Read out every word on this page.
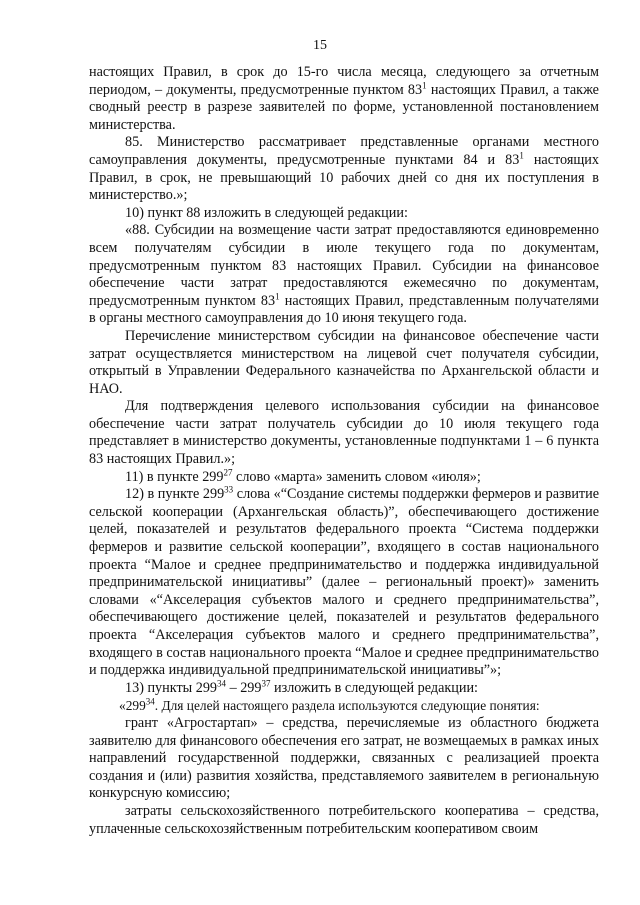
15

настоящих Правил, в срок до 15-го числа месяца, следующего за отчетным периодом, – документы, предусмотренные пунктом $83^1$ настоящих Правил, а также сводный реестр в разрезе заявителей по форме, установленной постановлением министерства.

85. Министерство рассматривает представленные органами местного самоуправления документы, предусмотренные пунктами 84 и $83^1$ настоящих Правил, в срок, не превышающий 10 рабочих дней со дня их поступления в министерство.»;

10) пункт 88 изложить в следующей редакции:

«88. Субсидии на возмещение части затрат предоставляются единовременно всем получателям субсидии в июле текущего года по документам, предусмотренным пунктом 83 настоящих Правил. Субсидии на финансовое обеспечение части затрат предоставляются ежемесячно по документам, предусмотренным пунктом $83^1$ настоящих Правил, представленным получателями в органы местного самоуправления до 10 июня текущего года.

Перечисление министерством субсидии на финансовое обеспечение части затрат осуществляется министерством на лицевой счет получателя субсидии, открытый в Управлении Федерального казначейства по Архангельской области и НАО.

Для подтверждения целевого использования субсидии на финансовое обеспечение части затрат получатель субсидии до 10 июля текущего года представляет в министерство документы, установленные подпунктами 1 – 6 пункта 83 настоящих Правил.»;

11) в пункте $299^{27}$ слово «марта» заменить словом «июля»;

12) в пункте $299^{33}$ слова «“Создание системы поддержки фермеров и развитие сельской кооперации (Архангельская область)”, обеспечивающего достижение целей, показателей и результатов федерального проекта “Система поддержки фермеров и развитие сельской кооперации”, входящего в состав национального проекта “Малое и среднее предпринимательство и поддержка индивидуальной предпринимательской инициативы” (далее – региональный проект)» заменить словами «“Акселерация субъектов малого и среднего предпринимательства”, обеспечивающего достижение целей, показателей и результатов федерального проекта “Акселерация субъектов малого и среднего предпринимательства”, входящего в состав национального проекта “Малое и среднее предпринимательство и поддержка индивидуальной предпринимательской инициативы”»;

13) пункты $299^{34} - 299^{37}$ изложить в следующей редакции:

«$299^{34}$. Для целей настоящего раздела используются следующие понятия:

грант «Агростартап» – средства, перечисляемые из областного бюджета заявителю для финансового обеспечения его затрат, не возмещаемых в рамках иных направлений государственной поддержки, связанных с реализацией проекта создания и (или) развития хозяйства, представляемого заявителем в региональную конкурсную комиссию;

затраты сельскохозяйственного потребительского кооператива – средства, уплаченные сельскохозяйственным потребительским кооперативом своим
